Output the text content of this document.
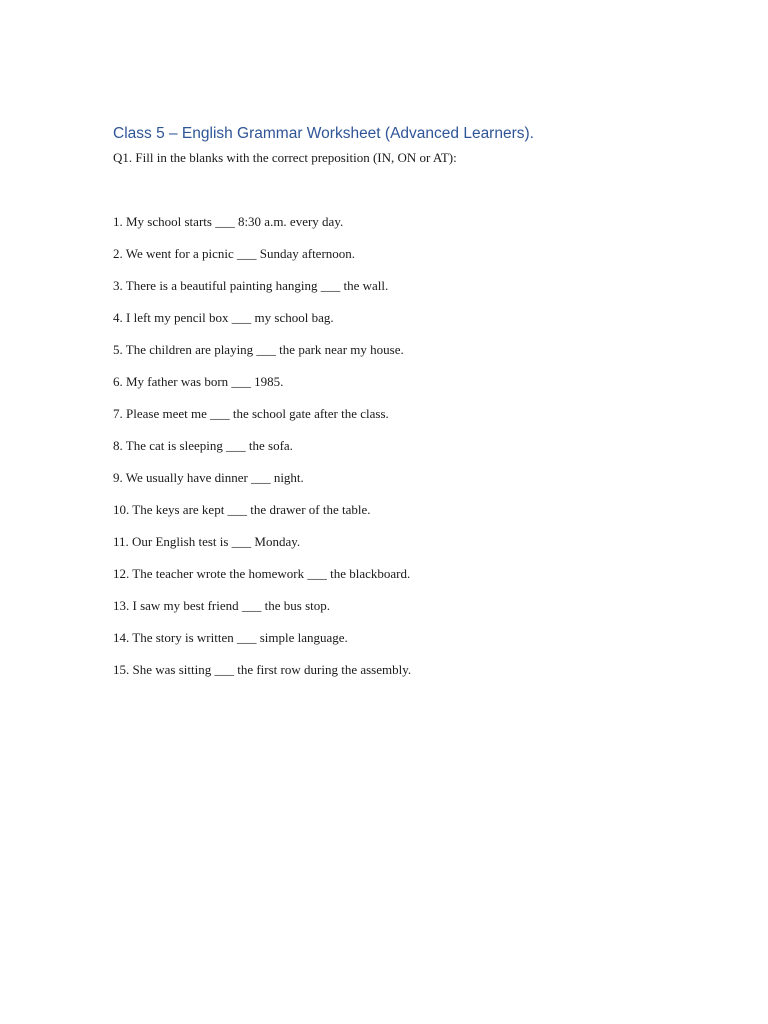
Class 5 – English Grammar Worksheet (Advanced Learners).

Q1. Fill in the blanks with the correct preposition (IN, ON or AT):

1. My school starts ___ 8:30 a.m. every day.
2. We went for a picnic ___ Sunday afternoon.
3. There is a beautiful painting hanging ___ the wall.
4. I left my pencil box ___ my school bag.
5. The children are playing ___ the park near my house.
6. My father was born ___ 1985.
7. Please meet me ___ the school gate after the class.
8. The cat is sleeping ___ the sofa.
9. We usually have dinner ___ night.
10. The keys are kept ___ the drawer of the table.
11. Our English test is ___ Monday.
12. The teacher wrote the homework ___ the blackboard.
13. I saw my best friend ___ the bus stop.
14. The story is written ___ simple language.
15. She was sitting ___ the first row during the assembly.
